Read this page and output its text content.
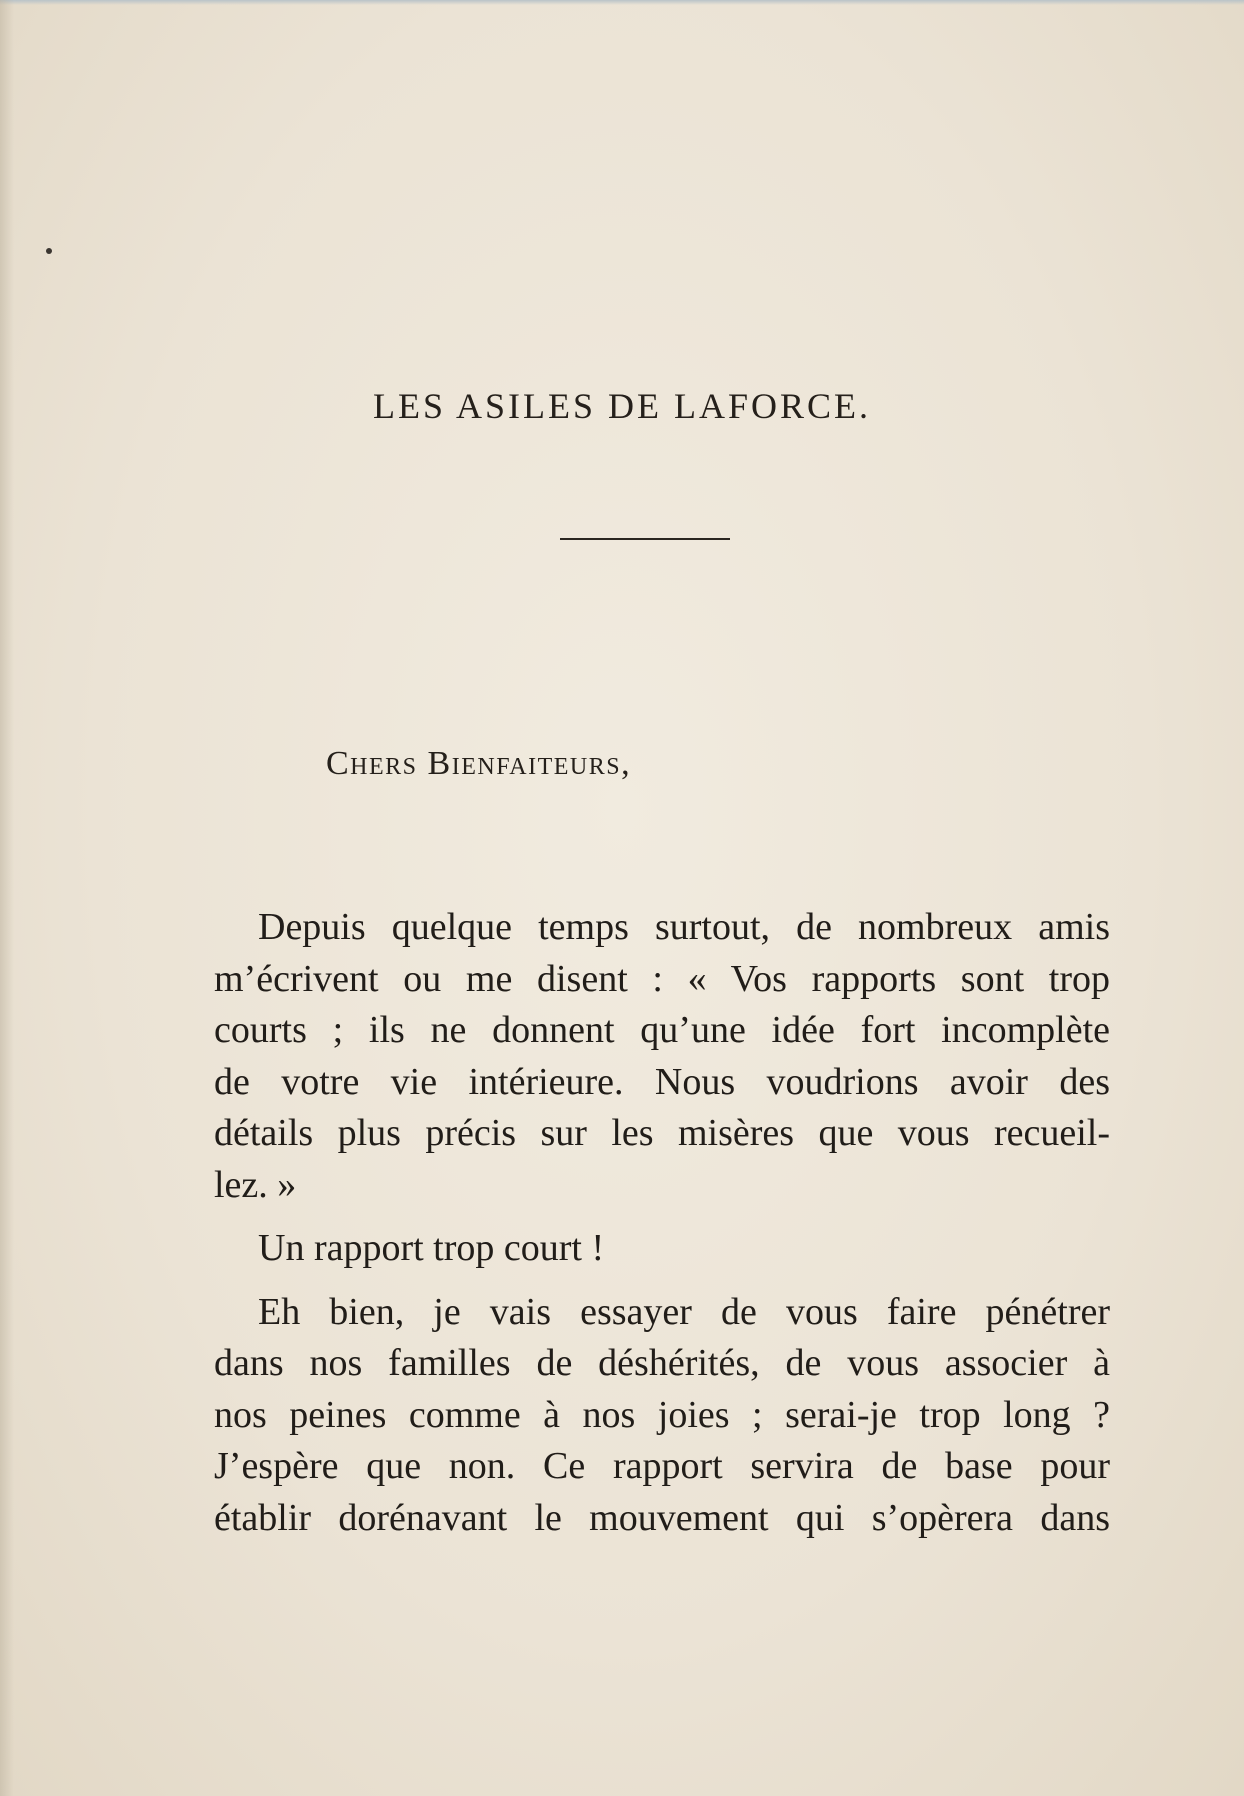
LES ASILES DE LAFORCE.
Chers Bienfaiteurs,
Depuis quelque temps surtout, de nombreux amis
m’écrivent ou me disent : « Vos rapports sont trop
courts ; ils ne donnent qu’une idée fort incomplète
de votre vie intérieure. Nous voudrions avoir des
détails plus précis sur les misères que vous recueil-
lez. »
Un rapport trop court !
Eh bien, je vais essayer de vous faire pénétrer
dans nos familles de déshérités, de vous associer à
nos peines comme à nos joies ; serai-je trop long ?
J’espère que non. Ce rapport servira de base pour
établir dorénavant le mouvement qui s’opèrera dans
